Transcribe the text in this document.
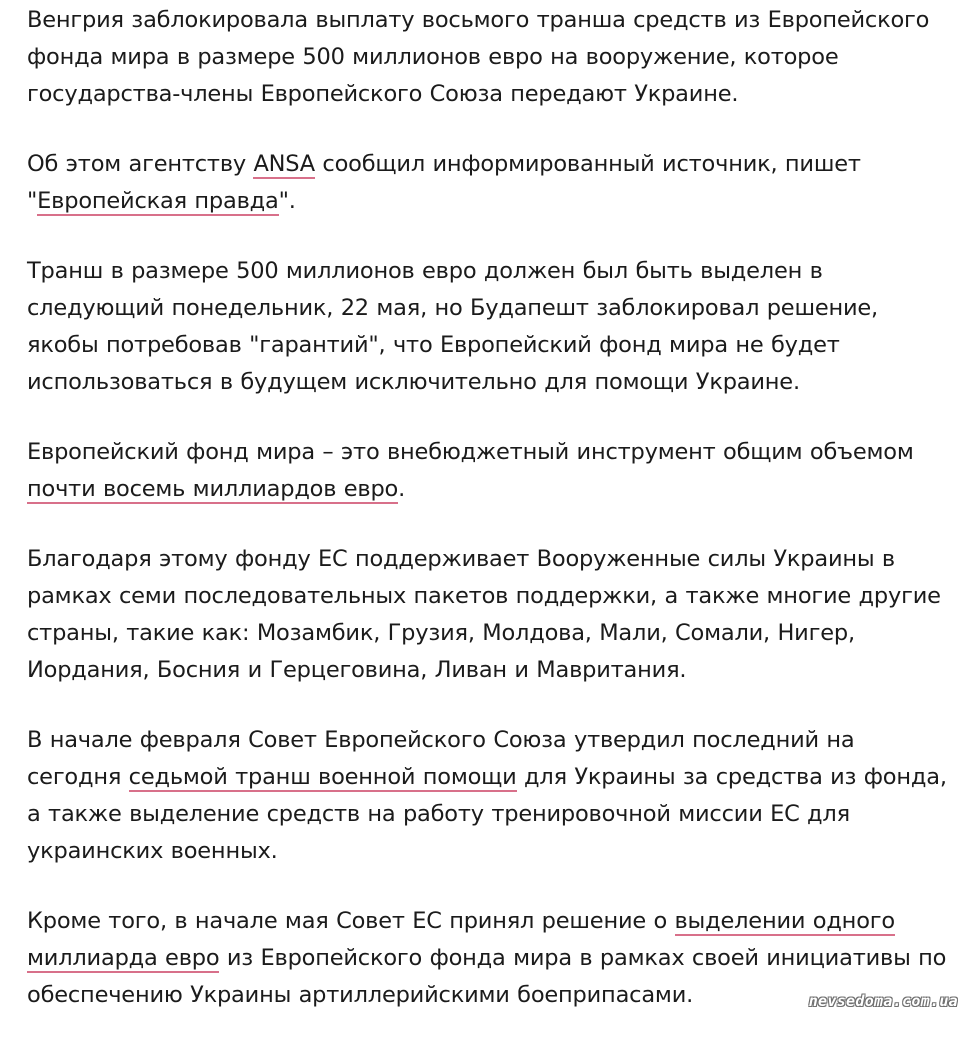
Венгрия заблокировала выплату восьмого транша средств из Европейского фонда мира в размере 500 миллионов евро на вооружение, которое государства-члены Европейского Союза передают Украине.

Об этом агентству ANSA сообщил информированный источник, пишет "Европейская правда".

Транш в размере 500 миллионов евро должен был быть выделен в следующий понедельник, 22 мая, но Будапешт заблокировал решение, якобы потребовав "гарантий", что Европейский фонд мира не будет использоваться в будущем исключительно для помощи Украине.

Европейский фонд мира – это внебюджетный инструмент общим объемом почти восемь миллиардов евро.

Благодаря этому фонду ЕС поддерживает Вооруженные силы Украины в рамках семи последовательных пакетов поддержки, а также многие другие страны, такие как: Мозамбик, Грузия, Молдова, Мали, Сомали, Нигер, Иордания, Босния и Герцеговина, Ливан и Мавритания.

В начале февраля Совет Европейского Союза утвердил последний на сегодня седьмой транш военной помощи для Украины за средства из фонда, а также выделение средств на работу тренировочной миссии ЕС для украинских военных.

Кроме того, в начале мая Совет ЕС принял решение о выделении одного миллиарда евро из Европейского фонда мира в рамках своей инициативы по обеспечению Украины артиллерийскими боеприпасами.	nevsedoma.com.ua
